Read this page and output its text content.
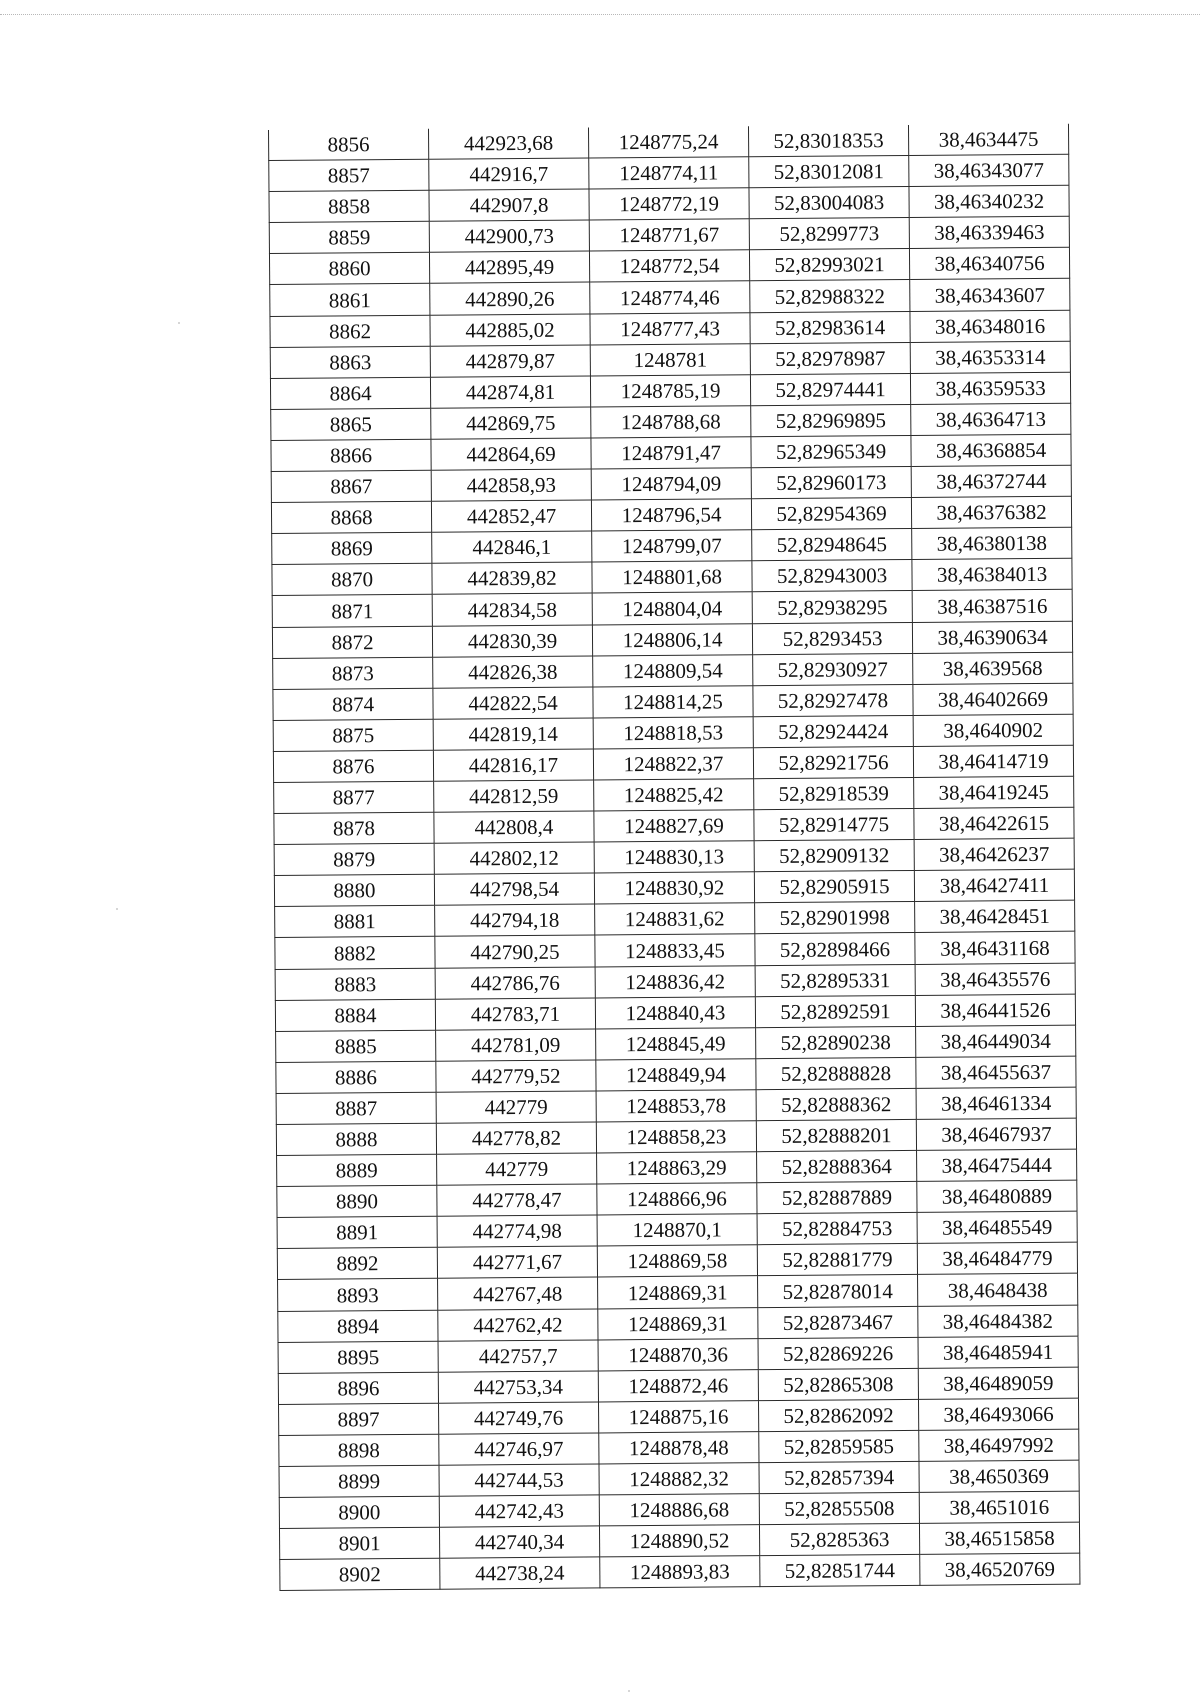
8856	442923,68	1248775,24	52,83018353	38,4634475
8857	442916,7	1248774,11	52,83012081	38,46343077
8858	442907,8	1248772,19	52,83004083	38,46340232
8859	442900,73	1248771,67	52,8299773	38,46339463
8860	442895,49	1248772,54	52,82993021	38,46340756
8861	442890,26	1248774,46	52,82988322	38,46343607
8862	442885,02	1248777,43	52,82983614	38,46348016
8863	442879,87	1248781	52,82978987	38,46353314
8864	442874,81	1248785,19	52,82974441	38,46359533
8865	442869,75	1248788,68	52,82969895	38,46364713
8866	442864,69	1248791,47	52,82965349	38,46368854
8867	442858,93	1248794,09	52,82960173	38,46372744
8868	442852,47	1248796,54	52,82954369	38,46376382
8869	442846,1	1248799,07	52,82948645	38,46380138
8870	442839,82	1248801,68	52,82943003	38,46384013
8871	442834,58	1248804,04	52,82938295	38,46387516
8872	442830,39	1248806,14	52,8293453	38,46390634
8873	442826,38	1248809,54	52,82930927	38,4639568
8874	442822,54	1248814,25	52,82927478	38,46402669
8875	442819,14	1248818,53	52,82924424	38,4640902
8876	442816,17	1248822,37	52,82921756	38,46414719
8877	442812,59	1248825,42	52,82918539	38,46419245
8878	442808,4	1248827,69	52,82914775	38,46422615
8879	442802,12	1248830,13	52,82909132	38,46426237
8880	442798,54	1248830,92	52,82905915	38,46427411
8881	442794,18	1248831,62	52,82901998	38,46428451
8882	442790,25	1248833,45	52,82898466	38,46431168
8883	442786,76	1248836,42	52,82895331	38,46435576
8884	442783,71	1248840,43	52,82892591	38,46441526
8885	442781,09	1248845,49	52,82890238	38,46449034
8886	442779,52	1248849,94	52,82888828	38,46455637
8887	442779	1248853,78	52,82888362	38,46461334
8888	442778,82	1248858,23	52,82888201	38,46467937
8889	442779	1248863,29	52,82888364	38,46475444
8890	442778,47	1248866,96	52,82887889	38,46480889
8891	442774,98	1248870,1	52,82884753	38,46485549
8892	442771,67	1248869,58	52,82881779	38,46484779
8893	442767,48	1248869,31	52,82878014	38,4648438
8894	442762,42	1248869,31	52,82873467	38,46484382
8895	442757,7	1248870,36	52,82869226	38,46485941
8896	442753,34	1248872,46	52,82865308	38,46489059
8897	442749,76	1248875,16	52,82862092	38,46493066
8898	442746,97	1248878,48	52,82859585	38,46497992
8899	442744,53	1248882,32	52,82857394	38,4650369
8900	442742,43	1248886,68	52,82855508	38,4651016
8901	442740,34	1248890,52	52,8285363	38,46515858
8902	442738,24	1248893,83	52,82851744	38,46520769
